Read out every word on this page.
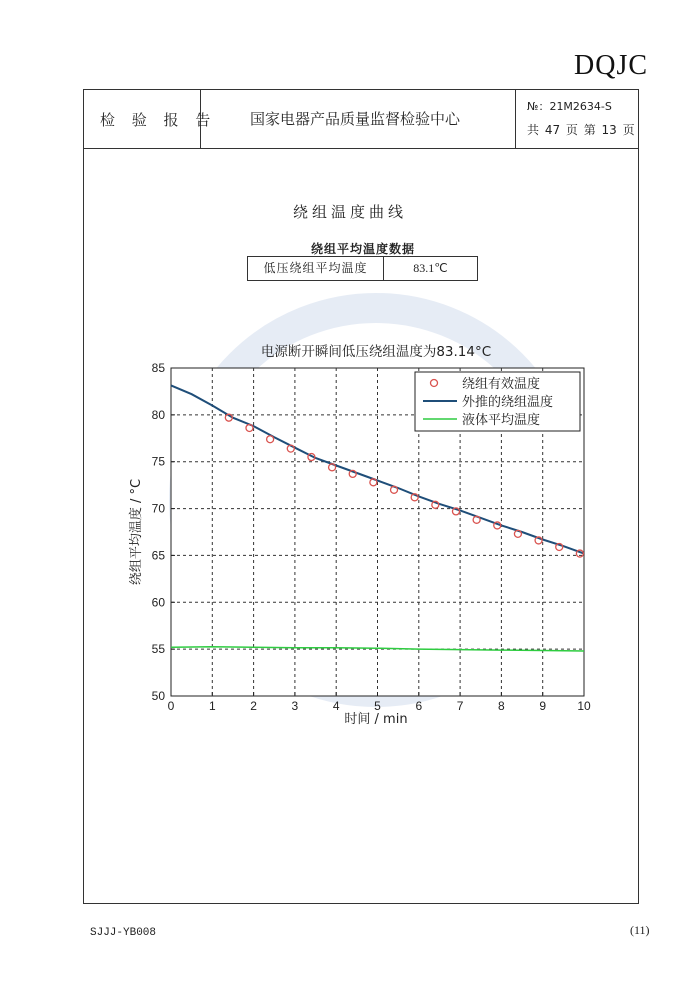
DQJC
检 验 报 告 国家电器产品质量监督检验中心
№：21M2634-S
共 47 页 第 13 页
绕组温度曲线
绕组平均温度数据
低压绕组平均温度	83.1℃
电源断开瞬间低压绕组温度为83.14°C
0	1	2	3	4	5	6	7	8	9	10
50
55
60
65
70
75
80
85
时间 / min
绕组平均温度 / °C
绕组有效温度
外推的绕组温度
液体平均温度
SJJJ-YB008	(11)
